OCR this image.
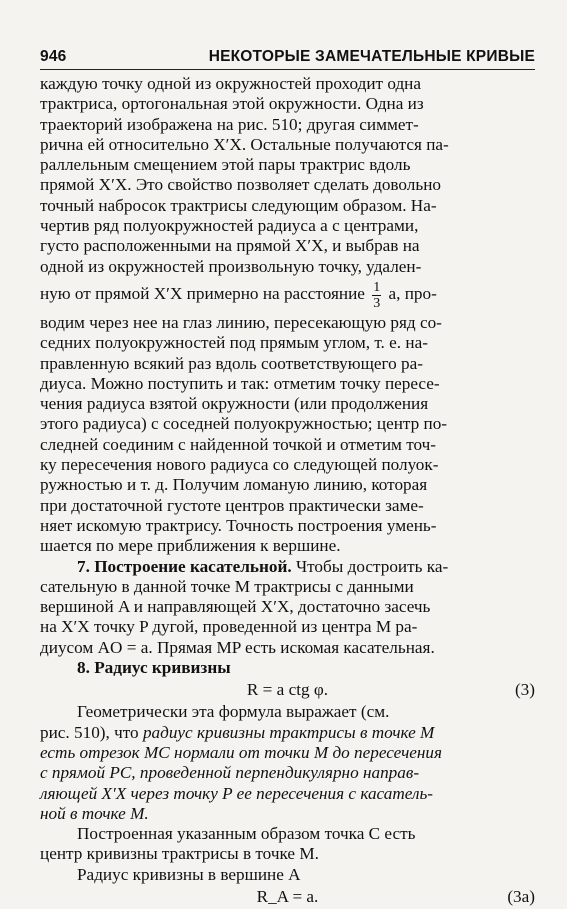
946	НЕКОТОРЫЕ ЗАМЕЧАТЕЛЬНЫЕ КРИВЫЕ
каждую точку одной из окружностей проходит одна
трактриса, ортогональная этой окружности. Одна из
траекторий изображена на рис. 510; другая симмет-
рична ей относительно X′X. Остальные получаются па-
раллельным смещением этой пары трактрис вдоль
прямой X′X. Это свойство позволяет сделать довольно
точный набросок трактрисы следующим образом. На-
чертив ряд полуокружностей радиуса a с центрами,
густо расположенными на прямой X′X, и выбрав на
одной из окружностей произвольную точку, удален-
ную от прямой X′X примерно на расстояние $\frac{1}{3} a$, про-
водим через нее на глаз линию, пересекающую ряд со-
седних полуокружностей под прямым углом, т. е. на-
правленную всякий раз вдоль соответствующего ра-
диуса. Можно поступить и так: отметим точку пересе-
чения радиуса взятой окружности (или продолжения
этого радиуса) с соседней полуокружностью; центр по-
следней соединим с найденной точкой и отметим точ-
ку пересечения нового радиуса со следующей полуок-
ружностью и т. д. Получим ломаную линию, которая
при достаточной густоте центров практически заме-
няет искомую трактрису. Точность построения умень-
шается по мере приближения к вершине.
7. Построение касательной. Чтобы достроить ка-
сательную в данной точке M трактрисы с данными
вершиной A и направляющей X′X, достаточно засечь
на X′X точку P дугой, проведенной из центра M ра-
диусом AO = a. Прямая MP есть искомая касательная.
8. Радиус кривизны
R = a ctg φ.	(3)
Геометрически эта формула выражает (см.
рис. 510), что радиус кривизны трактрисы в точке M
есть отрезок MC нормали от точки M до пересечения
с прямой PC, проведенной перпендикулярно направ-
ляющей X′X через точку P ее пересечения с касатель-
ной в точке M.
Построенная указанным образом точка C есть
центр кривизны трактрисы в точке M.
Радиус кривизны в вершине A
R_A = a.	(3а)
